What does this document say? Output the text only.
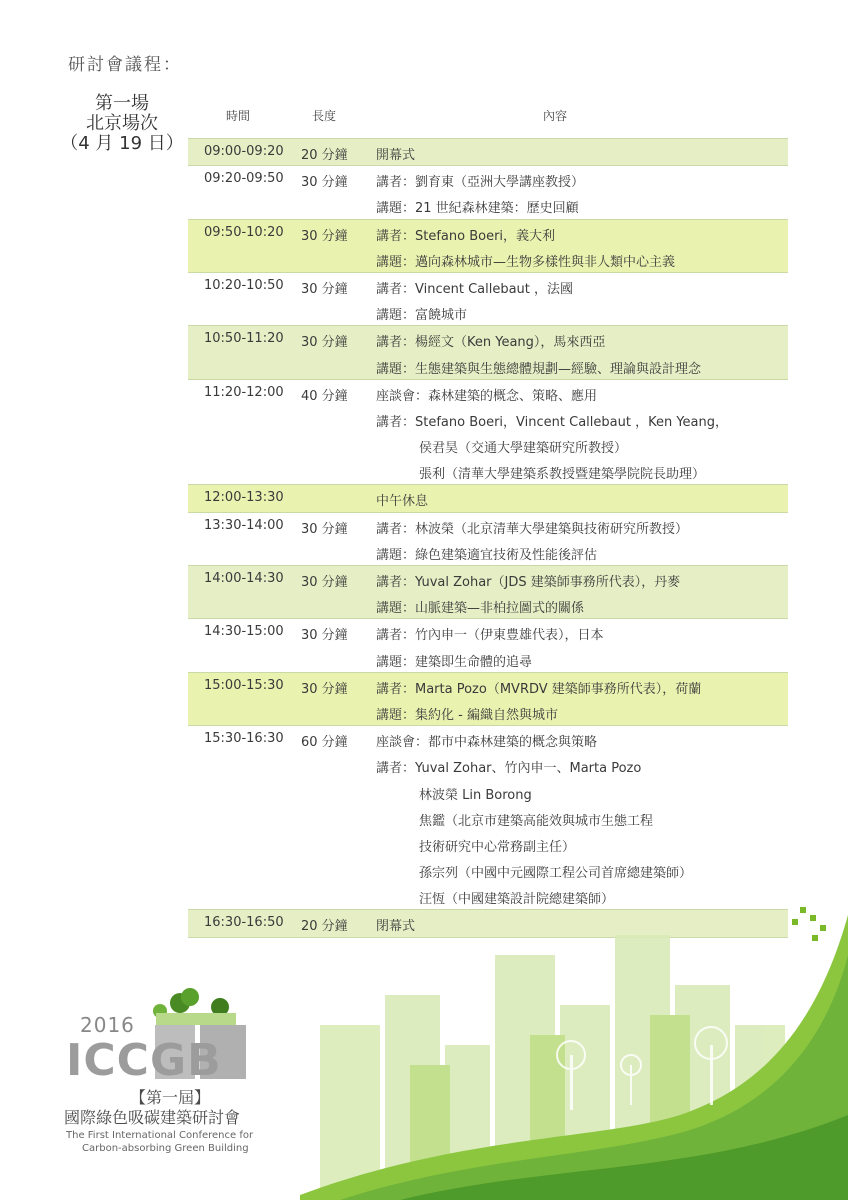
研討會議程：
第一場
北京場次
（4 月 19 日）
時間	長度	內容
09:00-09:20 20 分鐘 開幕式
09:20-09:50 30 分鐘 講者：劉育東（亞洲大學講座教授）
講題：21 世紀森林建築：歷史回顧
09:50-10:20 30 分鐘 講者：Stefano Boeri，義大利
講題：邁向森林城市—生物多樣性與非人類中心主義
10:20-10:50 30 分鐘 講者：Vincent Callebaut ，法國
講題：富饒城市
10:50-11:20 30 分鐘 講者：楊經文（Ken Yeang），馬來西亞
講題：生態建築與生態總體規劃—經驗、理論與設計理念
11:20-12:00 40 分鐘 座談會：森林建築的概念、策略、應用
講者：Stefano Boeri，Vincent Callebaut ，Ken Yeang，
侯君昊（交通大學建築研究所教授）
張利（清華大學建築系教授暨建築學院院長助理）
12:00-13:30	中午休息
13:30-14:00 30 分鐘 講者：林波榮（北京清華大學建築與技術研究所教授）
講題：綠色建築適宜技術及性能後評估
14:00-14:30 30 分鐘 講者：Yuval Zohar（JDS 建築師事務所代表），丹麥
講題：山脈建築—非柏拉圖式的關係
14:30-15:00 30 分鐘 講者：竹內申一（伊東豊雄代表），日本
講題：建築即生命體的追尋
15:00-15:30 30 分鐘 講者：Marta Pozo（MVRDV 建築師事務所代表），荷蘭
講題：集約化 - 編織自然與城市
15:30-16:30 60 分鐘 座談會：都市中森林建築的概念與策略
講者：Yuval Zohar、竹內申一、Marta Pozo
林波榮 Lin Borong
焦鑑（北京市建築高能效與城市生態工程
技術研究中心常務副主任）
孫宗列（中國中元國際工程公司首席總建築師）
汪恆（中國建築設計院總建築師）
16:30-16:50 20 分鐘 閉幕式
2016
ICCGB
【第一屆】
國際綠色吸碳建築研討會
The First International Conference for
Carbon-absorbing Green Building
